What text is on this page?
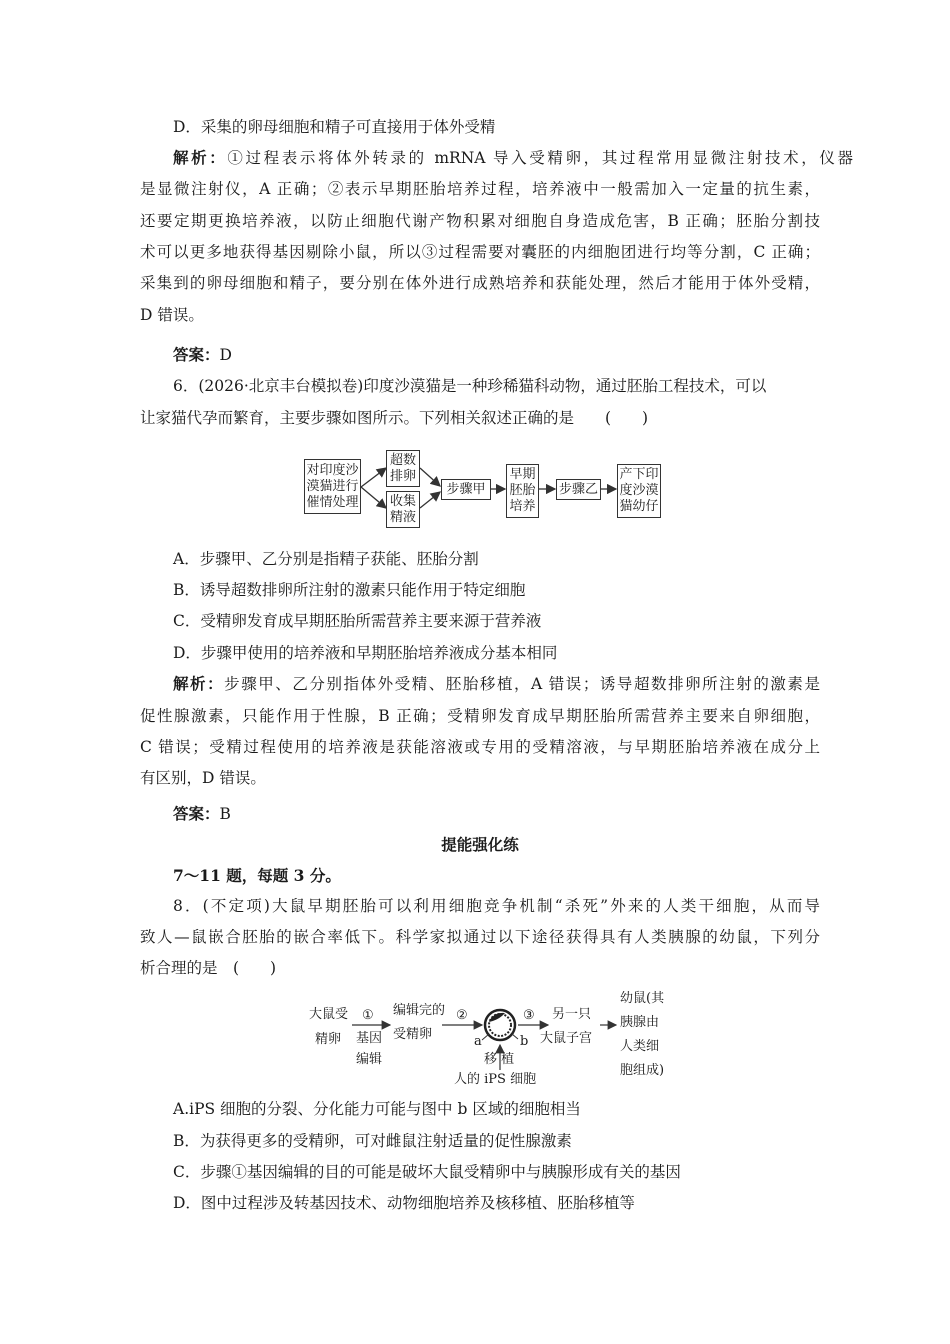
D．采集的卵母细胞和精子可直接用于体外受精
解析：①过程表示将体外转录的 mRNA 导入受精卵，其过程常用显微注射技术，仪器
是显微注射仪，A 正确；②表示早期胚胎培养过程，培养液中一般需加入一定量的抗生素，
还要定期更换培养液，以防止细胞代谢产物积累对细胞自身造成危害，B 正确；胚胎分割技
术可以更多地获得基因剔除小鼠，所以③过程需要对囊胚的内细胞团进行均等分割，C 正确；
采集到的卵母细胞和精子，要分别在体外进行成熟培养和获能处理，然后才能用于体外受精，
D 错误。
答案：D
6．(2026·北京丰台模拟卷)印度沙漠猫是一种珍稀猫科动物，通过胚胎工程技术，可以
让家猫代孕而繁育，主要步骤如图所示。下列相关叙述正确的是　　(　　)
对印度沙
漠猫进行
催情处理
超数
排卵
收集
精液
步骤甲
早期
胚胎
培养
步骤乙
产下印
度沙漠
猫幼仔
A．步骤甲、乙分别是指精子获能、胚胎分割
B．诱导超数排卵所注射的激素只能作用于特定细胞
C．受精卵发育成早期胚胎所需营养主要来源于营养液
D．步骤甲使用的培养液和早期胚胎培养液成分基本相同
解析：步骤甲、乙分别指体外受精、胚胎移植，A 错误；诱导超数排卵所注射的激素是
促性腺激素，只能作用于性腺，B 正确；受精卵发育成早期胚胎所需营养主要来自卵细胞，
C 错误；受精过程使用的培养液是获能溶液或专用的受精溶液，与早期胚胎培养液在成分上
有区别，D 错误。
答案：B
提能强化练
7～11 题，每题 3 分。
8．(不定项)大鼠早期胚胎可以利用细胞竞争机制“杀死”外来的人类干细胞，从而导
致人—鼠嵌合胚胎的嵌合率低下。科学家拟通过以下途径获得具有人类胰腺的幼鼠，下列分
析合理的是　(　　)
大鼠受
精卵
①
基因
编辑
编辑完的
受精卵
②
a	b
移 植
人的 iPS 细胞
③ 另一只
大鼠子宫
幼鼠(其
胰腺由
人类细
胞组成)
A.iPS 细胞的分裂、分化能力可能与图中 b 区域的细胞相当
B．为获得更多的受精卵，可对雌鼠注射适量的促性腺激素
C．步骤①基因编辑的目的可能是破坏大鼠受精卵中与胰腺形成有关的基因
D．图中过程涉及转基因技术、动物细胞培养及核移植、胚胎移植等
